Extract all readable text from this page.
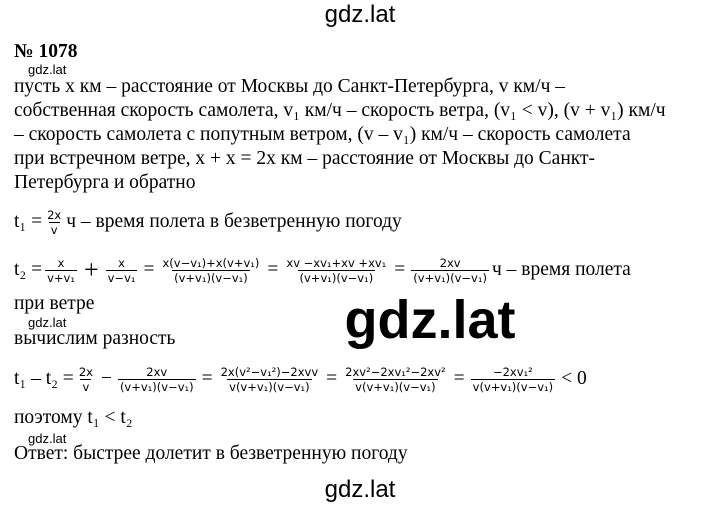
gdz.lat
№ 1078
gdz.lat
пусть x км – расстояние от Москвы до Санкт-Петербурга, v км/ч –
собственная скорость самолета, v₁ км/ч – скорость ветра, (v₁ < v), (v + v₁) км/ч
– скорость самолета с попутным ветром, (v – v₁) км/ч – скорость самолета
при встречном ветре, x + x = 2x км – расстояние от Москвы до Санкт-
Петербурга и обратно
$t_1 = \frac{2x}{v}$ ч – время полета в безветренную погоду
$t_2 = \frac{x}{\text{v+v₁}} + \frac{x}{\text{v−v₁}} = \frac{\text{x(v−v₁)+x(v+v₁)}}{\text{(v+v₁)(v−v₁)}} = \frac{\text{xv −xv₁+xv +xv₁}}{\text{(v+v₁)(v−v₁)}} = \frac{2xv}{\text{(v+v₁)(v−v₁)}}$ ч – время полета
при ветре	gdz.lat
gdz.lat
вычислим разность
$t_1 - t_2 = \frac{2x}{v} - \frac{2xv}{\text{(v+v₁)(v−v₁)}} = \frac{\text{2x(v²−v₁²)−2xvv}}{\text{v(v+v₁)(v−v₁)}} = \frac{\text{2xv²−2xv₁²−2xv²}}{\text{v(v+v₁)(v−v₁)}} = \frac{\text{−2xv₁²}}{\text{v(v+v₁)(v−v₁)}} < 0$
поэтому t₁ < t₂
gdz.lat
Ответ: быстрее долетит в безветренную погоду
gdz.lat
